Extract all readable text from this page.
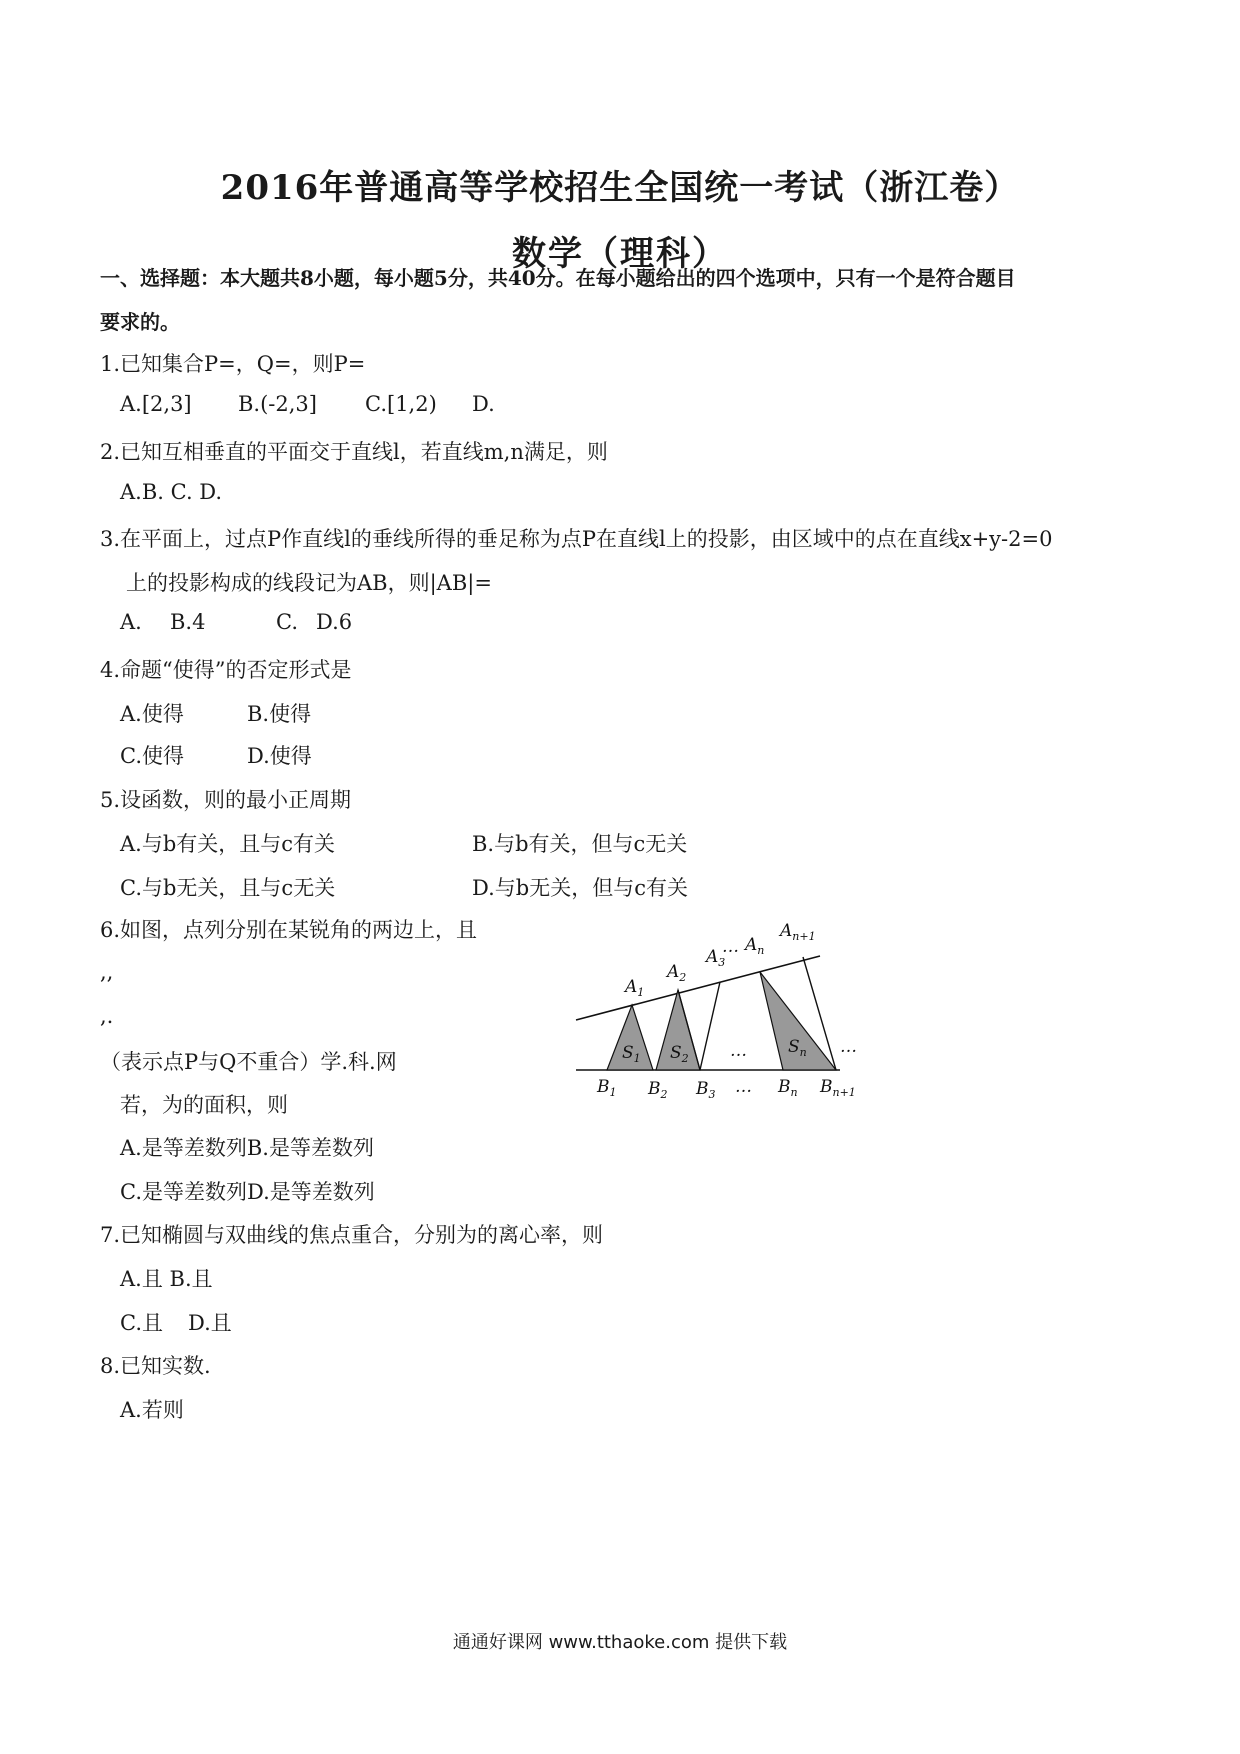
2016年普通高等学校招生全国统一考试（浙江卷）
数学（理科）
一、选择题：本大题共8小题，每小题5分，共40分。在每小题给出的四个选项中，只有一个是符合题目
要求的。
1.已知集合P=，Q=，则P=
A.[2,3] B.(-2,3] C.[1,2) D.
2.已知互相垂直的平面交于直线l，若直线m,n满足，则
A.B. C. D.
3.在平面上，过点P作直线l的垂线所得的垂足称为点P在直线l上的投影，由区域中的点在直线x+y-2=0
上的投影构成的线段记为AB，则|AB|=
A. B.4	C. D.6
4.命题“使得”的否定形式是
A.使得	B.使得
C.使得	D.使得
5.设函数，则的最小正周期
A.与b有关，且与c有关	B.与b有关，但与c无关
C.与b无关，且与c无关	D.与b无关，但与c有关
6.如图，点列分别在某锐角的两边上，且
,,
,.
（表示点P与Q不重合）学.科.网
若，为的面积，则
A.是等差数列B.是等差数列
C.是等差数列D.是等差数列
$A_1$
$A_2$
$A_3$
… $A_n$
$A_{n+1}$
$S_1$ $S_2$ … $S_n$ …
$B_1$ $B_2$ $B_3$ … $B_n$ $B_{n+1}$
7.已知椭圆与双曲线的焦点重合，分别为的离心率，则
A.且 B.且
C.且 D.且
8.已知实数.
A.若则
通通好课网 www.tthaoke.com 提供下载
